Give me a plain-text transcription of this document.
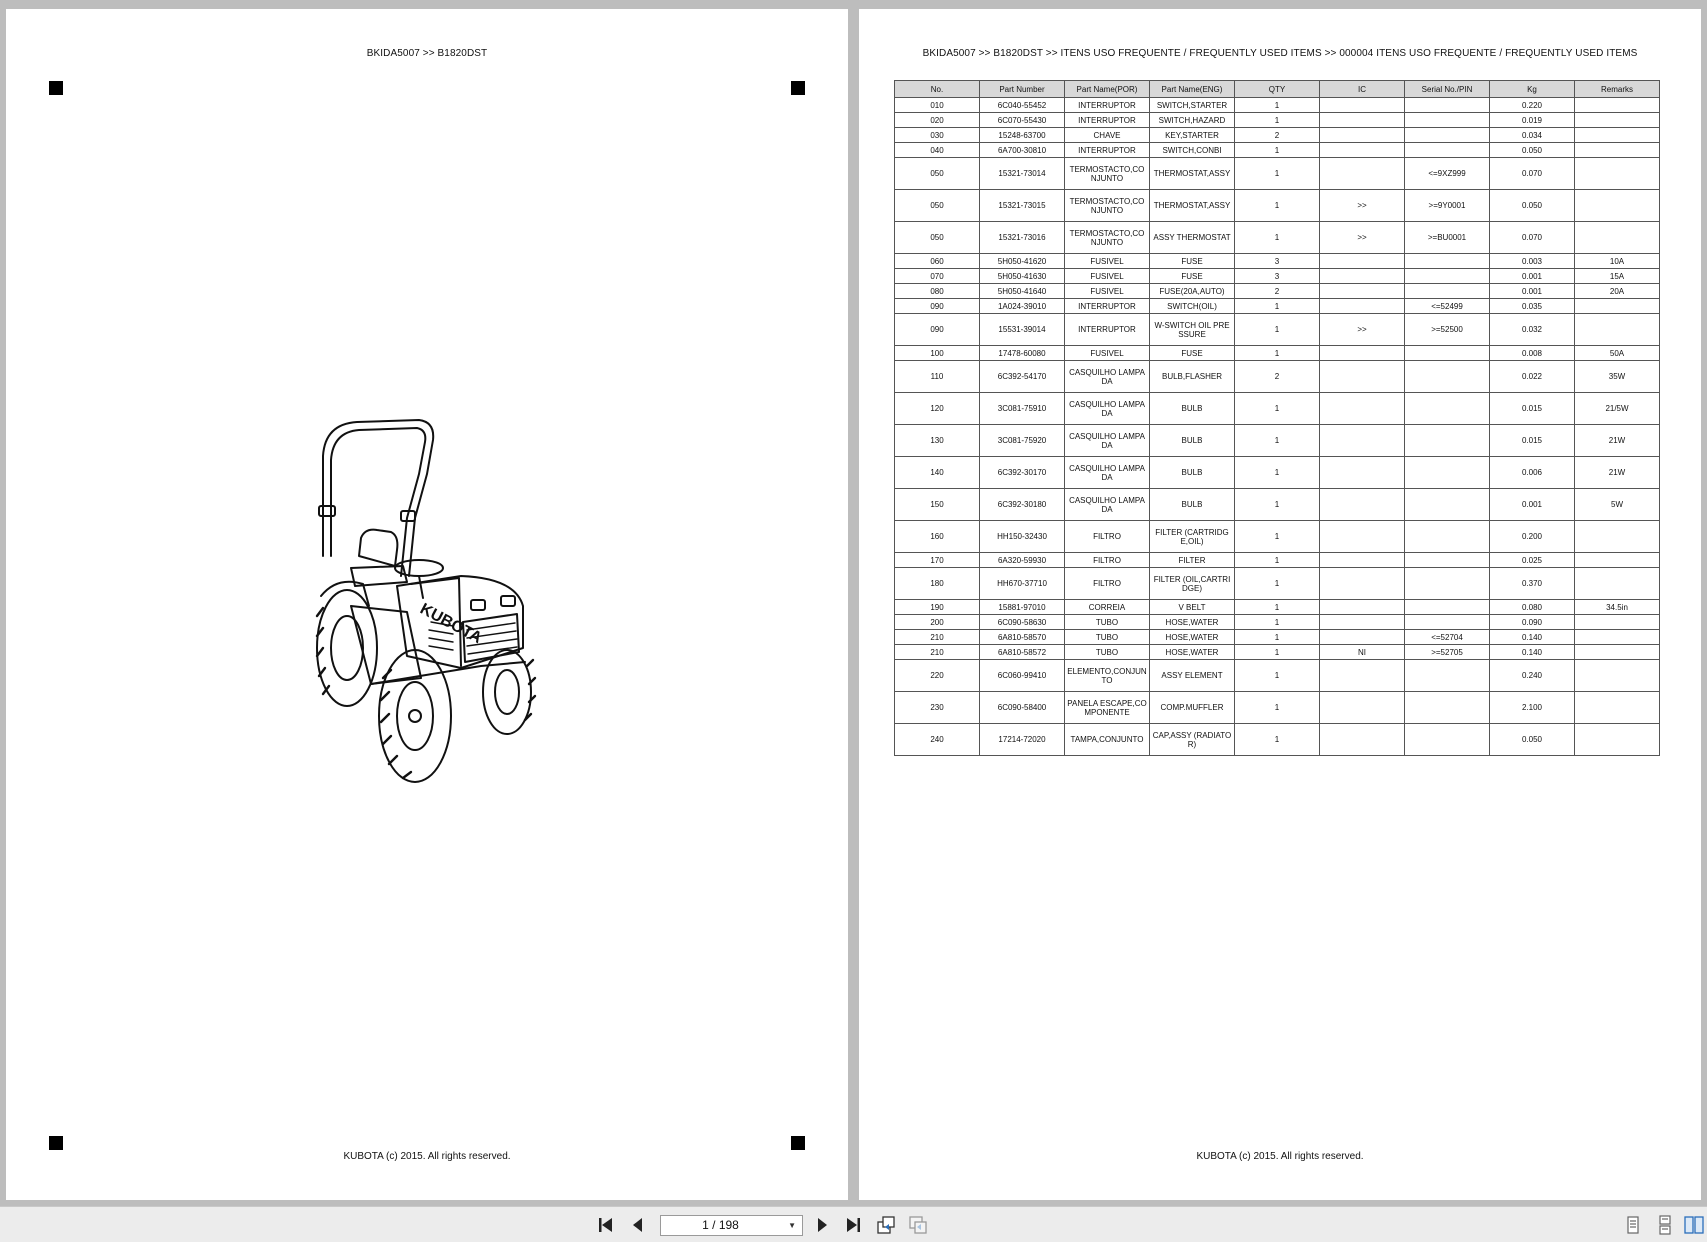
BKIDA5007 >> B1820DST
KUBOTA
KUBOTA (c) 2015. All rights reserved.
BKIDA5007 >> B1820DST >> ITENS USO FREQUENTE / FREQUENTLY USED ITEMS >> 000004 ITENS USO FREQUENTE / FREQUENTLY USED ITEMS
No.	Part Number	Part Name(POR)	Part Name(ENG)	QTY	IC	Serial No./PIN	Kg	Remarks
010	6C040-55452	INTERRUPTOR	SWITCH,STARTER	1			0.220	
020	6C070-55430	INTERRUPTOR	SWITCH,HAZARD	1			0.019	
030	15248-63700	CHAVE	KEY,STARTER	2			0.034	
040	6A700-30810	INTERRUPTOR	SWITCH,CONBI	1			0.050	
050	15321-73014	TERMOSTACTO,CONJUNTO	THERMOSTAT,ASSY	1		<=9XZ999	0.070	
050	15321-73015	TERMOSTACTO,CONJUNTO	THERMOSTAT,ASSY	1	>>	>=9Y0001	0.050	
050	15321-73016	TERMOSTACTO,CONJUNTO	ASSY THERMOSTAT	1	>>	>=BU0001	0.070	
060	5H050-41620	FUSIVEL	FUSE	3			0.003	10A
070	5H050-41630	FUSIVEL	FUSE	3			0.001	15A
080	5H050-41640	FUSIVEL	FUSE(20A,AUTO)	2			0.001	20A
090	1A024-39010	INTERRUPTOR	SWITCH(OIL)	1		<=52499	0.035	
090	15531-39014	INTERRUPTOR	W-SWITCH OIL PRESSURE	1	>>	>=52500	0.032	
100	17478-60080	FUSIVEL	FUSE	1			0.008	50A
110	6C392-54170	CASQUILHO LAMPADA	BULB,FLASHER	2			0.022	35W
120	3C081-75910	CASQUILHO LAMPADA	BULB	1			0.015	21/5W
130	3C081-75920	CASQUILHO LAMPADA	BULB	1			0.015	21W
140	6C392-30170	CASQUILHO LAMPADA	BULB	1			0.006	21W
150	6C392-30180	CASQUILHO LAMPADA	BULB	1			0.001	5W
160	HH150-32430	FILTRO	FILTER (CARTRIDGE,OIL)	1			0.200	
170	6A320-59930	FILTRO	FILTER	1			0.025	
180	HH670-37710	FILTRO	FILTER (OIL,CARTRIDGE)	1			0.370	
190	15881-97010	CORREIA	V BELT	1			0.080	34.5in
200	6C090-58630	TUBO	HOSE,WATER	1			0.090	
210	6A810-58570	TUBO	HOSE,WATER	1		<=52704	0.140	
210	6A810-58572	TUBO	HOSE,WATER	1	NI	>=52705	0.140	
220	6C060-99410	ELEMENTO,CONJUNTO	ASSY ELEMENT	1			0.240	
230	6C090-58400	PANELA ESCAPE,COMPONENTE	COMP.MUFFLER	1			2.100	
240	17214-72020	TAMPA,CONJUNTO	CAP,ASSY (RADIATOR)	1			0.050	
KUBOTA (c) 2015. All rights reserved.
1 / 198	▼
